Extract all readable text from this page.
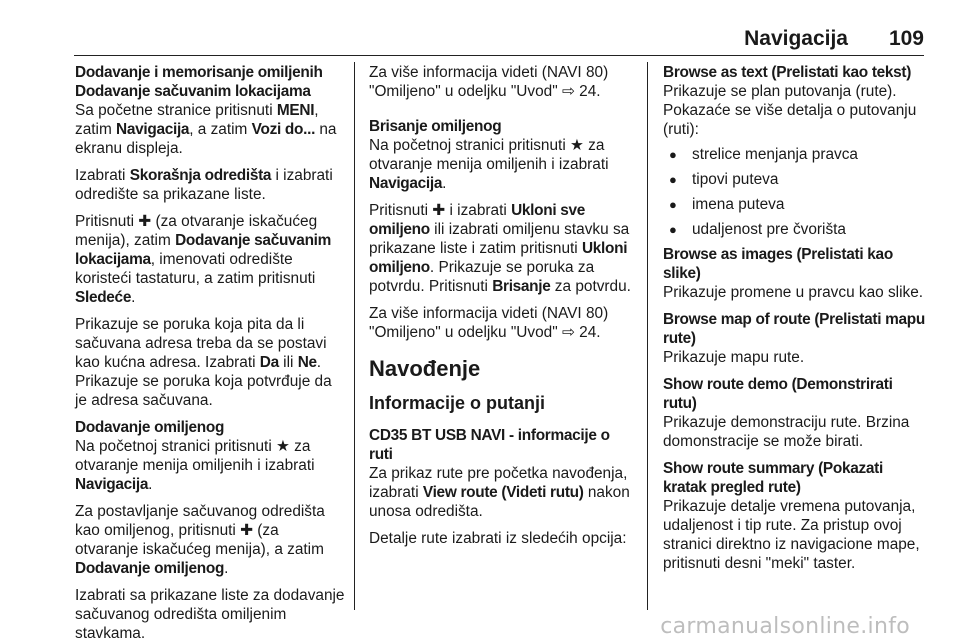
Navigacija 109
Dodavanje i memorisanje omiljenih
Dodavanje sačuvanim lokacijama

Sa početne stranice pritisnuti MENI, zatim Navigacija, a zatim Vozi do... na ekranu displeja.

Izabrati Skorašnja odredišta i izabrati odredište sa prikazane liste.

Pritisnuti ✚ (za otvaranje iskačućeg menija), zatim Dodavanje sačuvanim lokacijama, imenovati odredište koristeći tastaturu, a zatim pritisnuti Sledeće.

Prikazuje se poruka koja pita da li sačuvana adresa treba da se postavi kao kućna adresa. Izabrati Da ili Ne. Prikazuje se poruka koja potvrđuje da je adresa sačuvana.

Dodavanje omiljenog

Na početnoj stranici pritisnuti ★ za otvaranje menija omiljenih i izabrati Navigacija.

Za postavljanje sačuvanog odredišta kao omiljenog, pritisnuti ✚ (za otvaranje iskačućeg menija), a zatim Dodavanje omiljenog.

Izabrati sa prikazane liste za dodavanje sačuvanog odredišta omiljenim stavkama.

Za više informacija videti (NAVI 80) "Omiljeno" u odeljku "Uvod" ⇨ 24.

Brisanje omiljenog

Na početnoj stranici pritisnuti ★ za otvaranje menija omiljenih i izabrati Navigacija.

Pritisnuti ✚ i izabrati Ukloni sve omiljeno ili izabrati omiljenu stavku sa prikazane liste i zatim pritisnuti Ukloni omiljeno. Prikazuje se poruka za potvrdu. Pritisnuti Brisanje za potvrdu.

Za više informacija videti (NAVI 80) "Omiljeno" u odeljku "Uvod" ⇨ 24.

Navođenje
Informacije o putanji
CD35 BT USB NAVI - informacije o ruti

Za prikaz rute pre početka navođenja, izabrati View route (Videti rutu) nakon unosa odredišta.

Detalje rute izabrati iz sledećih opcija:

Browse as text (Prelistati kao tekst)

Prikazuje se plan putovanja (rute). Pokazaće se više detalja o putovanju (ruti):

● strelice menjanja pravca
● tipovi puteva
● imena puteva
● udaljenost pre čvorišta
Browse as images (Prelistati kao slike)

Prikazuje promene u pravcu kao slike.

Browse map of route (Prelistati mapu rute)

Prikazuje mapu rute.

Show route demo (Demonstrirati rutu)

Prikazuje demonstraciju rute. Brzina domonstracije se može birati.

Show route summary (Pokazati kratak pregled rute)

Prikazuje detalje vremena putovanja, udaljenost i tip rute. Za pristup ovoj stranici direktno iz navigacione mape, pritisnuti desni "meki" taster.

carmanualsonline.info
